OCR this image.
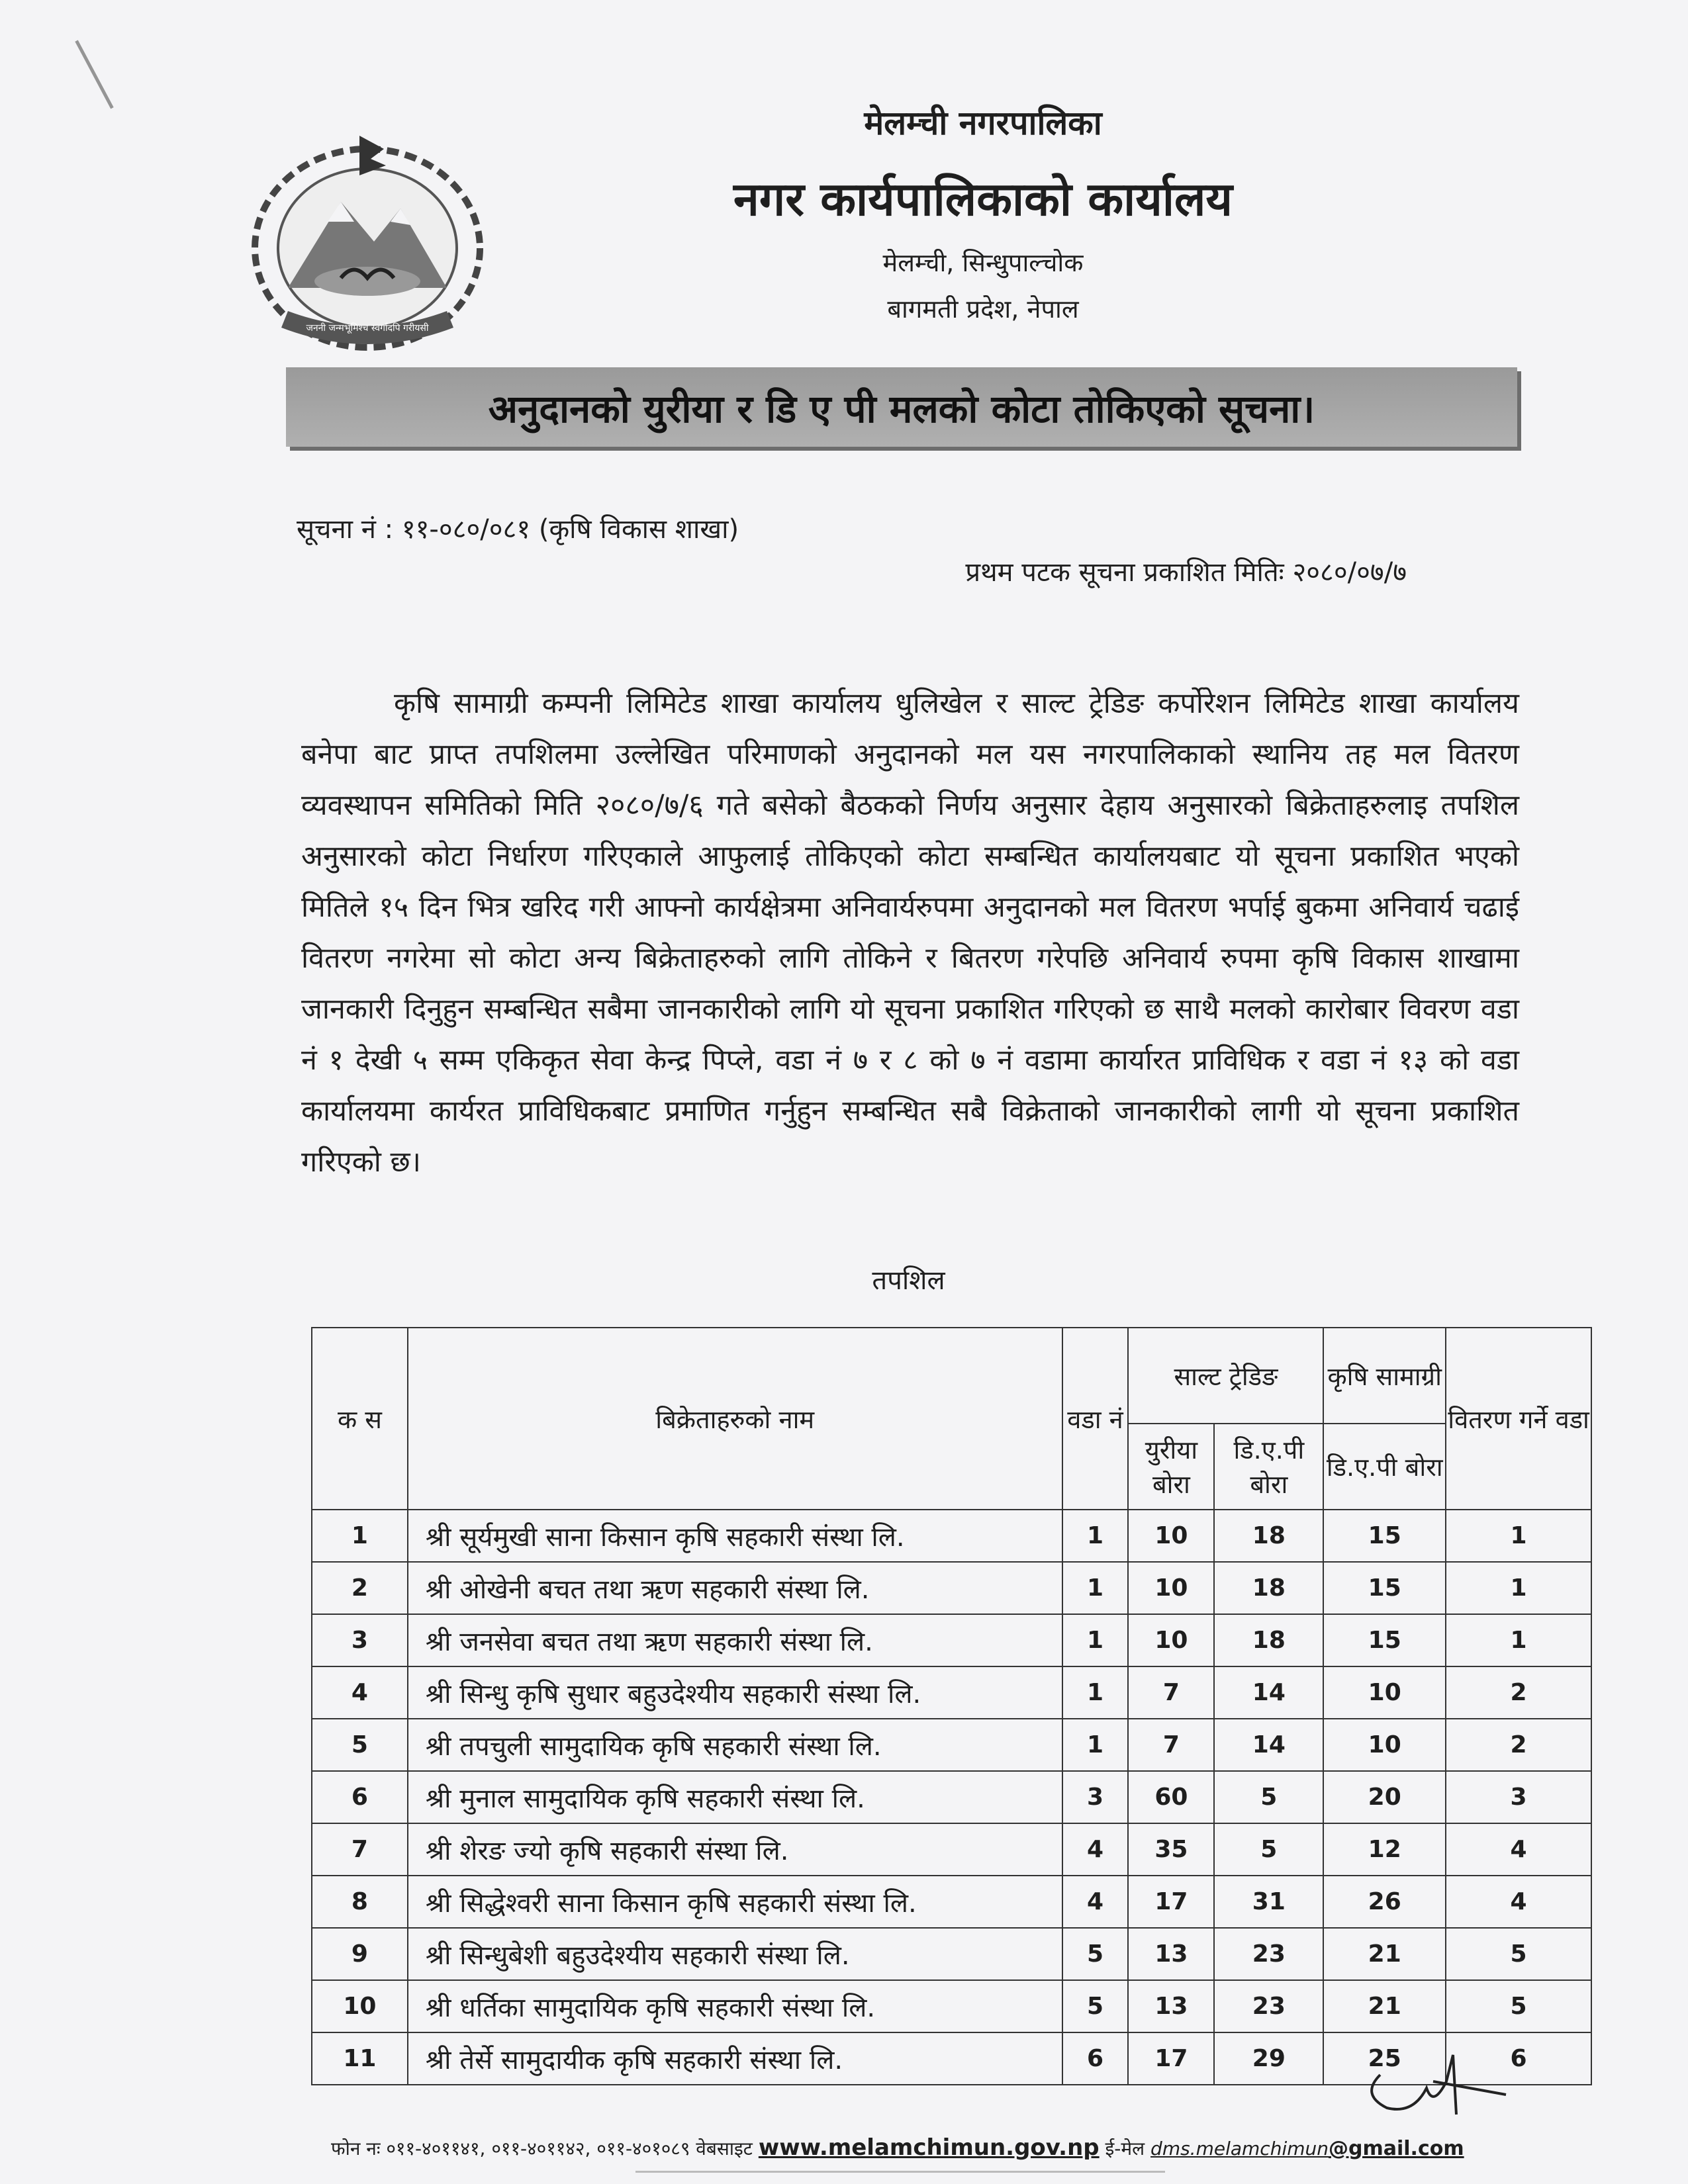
जननी जन्मभूमिश्च स्वर्गादपि गरीयसी
मेलम्ची नगरपालिका
नगर कार्यपालिकाको कार्यालय
मेलम्ची, सिन्धुपाल्चोक
बागमती प्रदेश, नेपाल
अनुदानको युरीया र डि ए पी मलको कोटा तोकिएको सूचना।
सूचना नं : ११-०८०/०८१ (कृषि विकास शाखा)
प्रथम पटक सूचना प्रकाशित मितिः २०८०/०७/७
कृषि सामाग्री कम्पनी लिमिटेड शाखा कार्यालय धुलिखेल र साल्ट ट्रेडिङ कर्पोरेशन लिमिटेड शाखा कार्यालय बनेपा बाट प्राप्त तपशिलमा उल्लेखित परिमाणको अनुदानको मल यस नगरपालिकाको स्थानिय तह मल वितरण व्यवस्थापन समितिको मिति २०८०/७/६ गते बसेको बैठकको निर्णय अनुसार देहाय अनुसारको बिक्रेताहरुलाइ तपशिल अनुसारको कोटा निर्धारण गरिएकाले आफुलाई तोकिएको कोटा सम्बन्धित कार्यालयबाट यो सूचना प्रकाशित भएको मितिले १५ दिन भित्र खरिद गरी आफ्नो कार्यक्षेत्रमा अनिवार्यरुपमा अनुदानको मल वितरण भर्पाई बुकमा अनिवार्य चढाई वितरण नगरेमा सो कोटा अन्य बिक्रेताहरुको लागि तोकिने र बितरण गरेपछि अनिवार्य रुपमा कृषि विकास शाखामा जानकारी दिनुहुन सम्बन्धित सबैमा जानकारीको लागि यो सूचना प्रकाशित गरिएको छ साथै मलको कारोबार विवरण वडा नं १ देखी ५ सम्म एकिकृत सेवा केन्द्र पिप्ले, वडा नं ७ र ८ को ७ नं वडामा कार्यारत प्राविधिक र वडा नं १३ को वडा कार्यालयमा कार्यरत प्राविधिकबाट प्रमाणित गर्नुहुन सम्बन्धित सबै विक्रेताको जानकारीको लागी यो सूचना प्रकाशित गरिएको छ।
तपशिल
क स	बिक्रेताहरुको नाम	वडा नं	साल्ट ट्रेडिङ		कृषि सामाग्री	वितरण गर्ने वडा
			युरीया बोरा	डि.ए.पी बोरा	डि.ए.पी बोरा	
1	श्री सूर्यमुखी साना किसान कृषि सहकारी संस्था लि.	1	10	18	15	1
2	श्री ओखेनी बचत तथा ऋण सहकारी संस्था लि.	1	10	18	15	1
3	श्री जनसेवा बचत तथा ऋण सहकारी संस्था लि.	1	10	18	15	1
4	श्री सिन्धु कृषि सुधार बहुउदेश्यीय सहकारी संस्था लि.	1	7	14	10	2
5	श्री तपचुली सामुदायिक कृषि सहकारी संस्था लि.	1	7	14	10	2
6	श्री मुनाल सामुदायिक कृषि सहकारी संस्था लि.	3	60	5	20	3
7	श्री शेरङ ज्यो कृषि सहकारी संस्था लि.	4	35	5	12	4
8	श्री सिद्धेश्वरी साना किसान कृषि सहकारी संस्था लि.	4	17	31	26	4
9	श्री सिन्धुबेशी बहुउदेश्यीय सहकारी संस्था लि.	5	13	23	21	5
10	श्री धर्तिका सामुदायिक कृषि सहकारी संस्था लि.	5	13	23	21	5
11	श्री तेर्से सामुदायीक कृषि सहकारी संस्था लि.	6	17	29	25	6
फोन नः ०११-४०११४१, ०११-४०११४२, ०११-४०१०८९ वेबसाइट www.melamchimun.gov.np ई-मेल dms.melamchimun@gmail.com
